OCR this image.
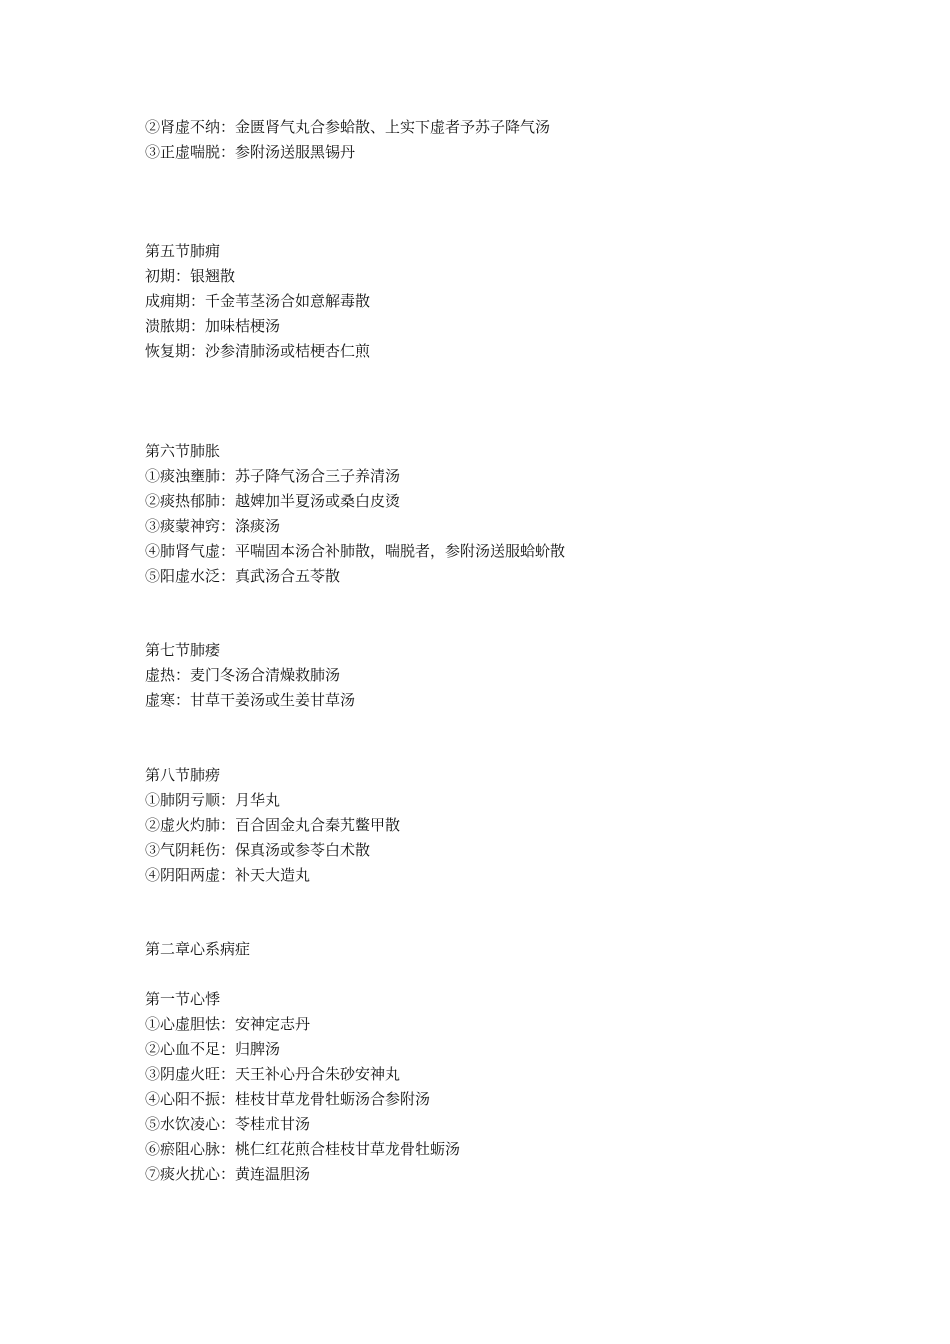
②肾虚不纳：金匮肾气丸合参蛤散、上实下虚者予苏子降气汤
③正虚喘脱：参附汤送服黑锡丹
第五节肺痈
初期：银翘散
成痈期：千金苇茎汤合如意解毒散
溃脓期：加味桔梗汤
恢复期：沙参清肺汤或桔梗杏仁煎
第六节肺胀
①痰浊壅肺：苏子降气汤合三子养清汤
②痰热郁肺：越婢加半夏汤或桑白皮烫
③痰蒙神窍：涤痰汤
④肺肾气虚：平喘固本汤合补肺散，喘脱者，参附汤送服蛤蚧散
⑤阳虚水泛：真武汤合五苓散
第七节肺痿
虚热：麦门冬汤合清燥救肺汤
虚寒：甘草干姜汤或生姜甘草汤
第八节肺痨
①肺阴亏顺：月华丸
②虚火灼肺：百合固金丸合秦艽鳖甲散
③气阴耗伤：保真汤或参苓白术散
④阴阳两虚：补天大造丸
第二章心系病症
第一节心悸
①心虚胆怯：安神定志丹
②心血不足：归脾汤
③阴虚火旺：天王补心丹合朱砂安神丸
④心阳不振：桂枝甘草龙骨牡蛎汤合参附汤
⑤水饮凌心：苓桂朮甘汤
⑥瘀阻心脉：桃仁红花煎合桂枝甘草龙骨牡蛎汤
⑦痰火扰心：黄连温胆汤
